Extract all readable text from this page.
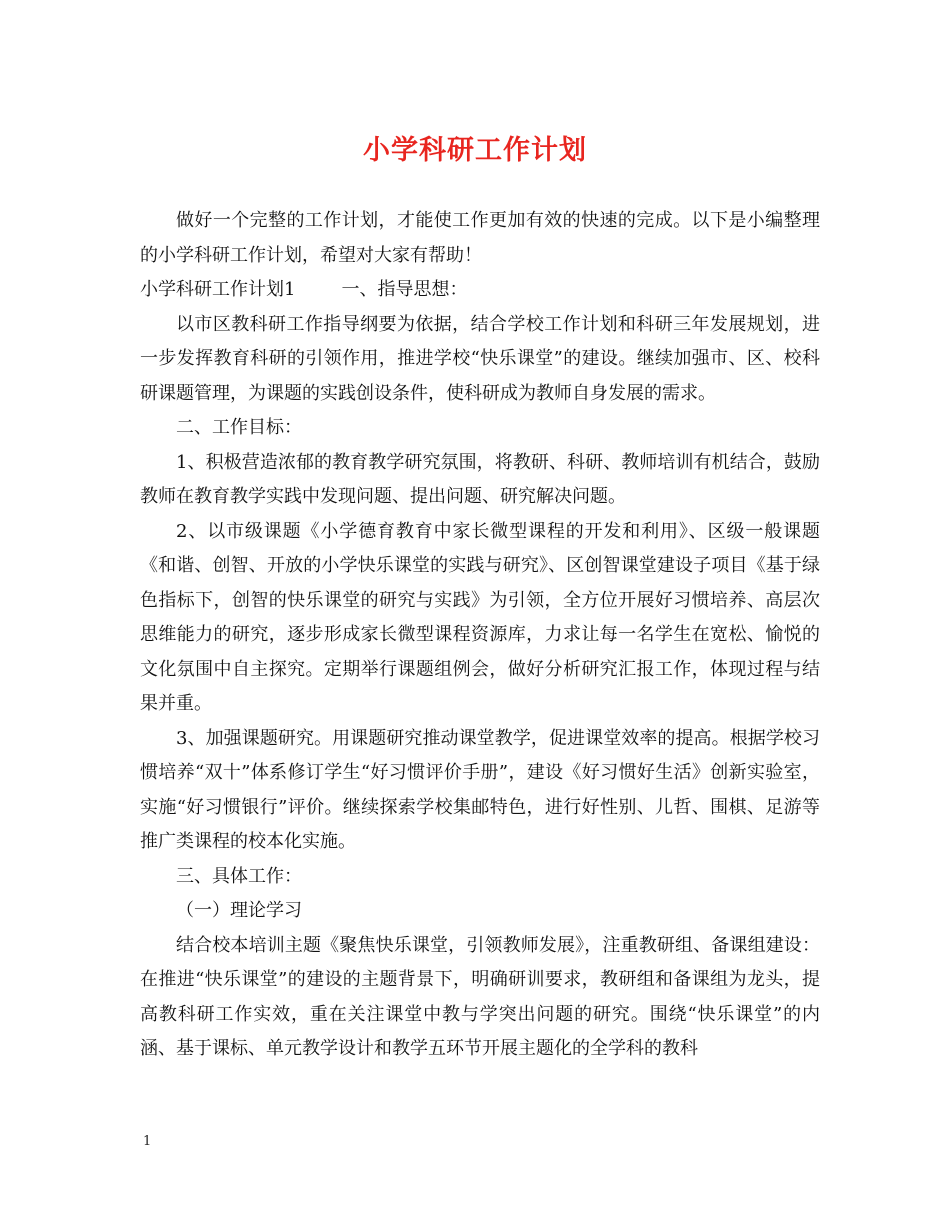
小学科研工作计划

做好一个完整的工作计划，才能使工作更加有效的快速的完成。以下是小编整理的小学科研工作计划，希望对大家有帮助！

小学科研工作计划1	一、指导思想：

以市区教科研工作指导纲要为依据，结合学校工作计划和科研三年发展规划，进一步发挥教育科研的引领作用，推进学校“快乐课堂”的建设。继续加强市、区、校科研课题管理，为课题的实践创设条件，使科研成为教师自身发展的需求。

二、工作目标：

1、积极营造浓郁的教育教学研究氛围，将教研、科研、教师培训有机结合，鼓励教师在教育教学实践中发现问题、提出问题、研究解决问题。

2、以市级课题《小学德育教育中家长微型课程的开发和利用》、区级一般课题《和谐、创智、开放的小学快乐课堂的实践与研究》、区创智课堂建设子项目《基于绿色指标下，创智的快乐课堂的研究与实践》为引领，全方位开展好习惯培养、高层次思维能力的研究，逐步形成家长微型课程资源库，力求让每一名学生在宽松、愉悦的文化氛围中自主探究。定期举行课题组例会，做好分析研究汇报工作，体现过程与结果并重。

3、加强课题研究。用课题研究推动课堂教学，促进课堂效率的提高。根据学校习惯培养“双十”体系修订学生“好习惯评价手册”，建设《好习惯好生活》创新实验室，实施“好习惯银行”评价。继续探索学校集邮特色，进行好性别、儿哲、围棋、足游等推广类课程的校本化实施。

三、具体工作：

（一）理论学习

结合校本培训主题《聚焦快乐课堂，引领教师发展》，注重教研组、备课组建设：在推进“快乐课堂”的建设的主题背景下，明确研训要求，教研组和备课组为龙头，提高教科研工作实效，重在关注课堂中教与学突出问题的研究。围绕“快乐课堂”的内涵、基于课标、单元教学设计和教学五环节开展主题化的全学科的教科

1
